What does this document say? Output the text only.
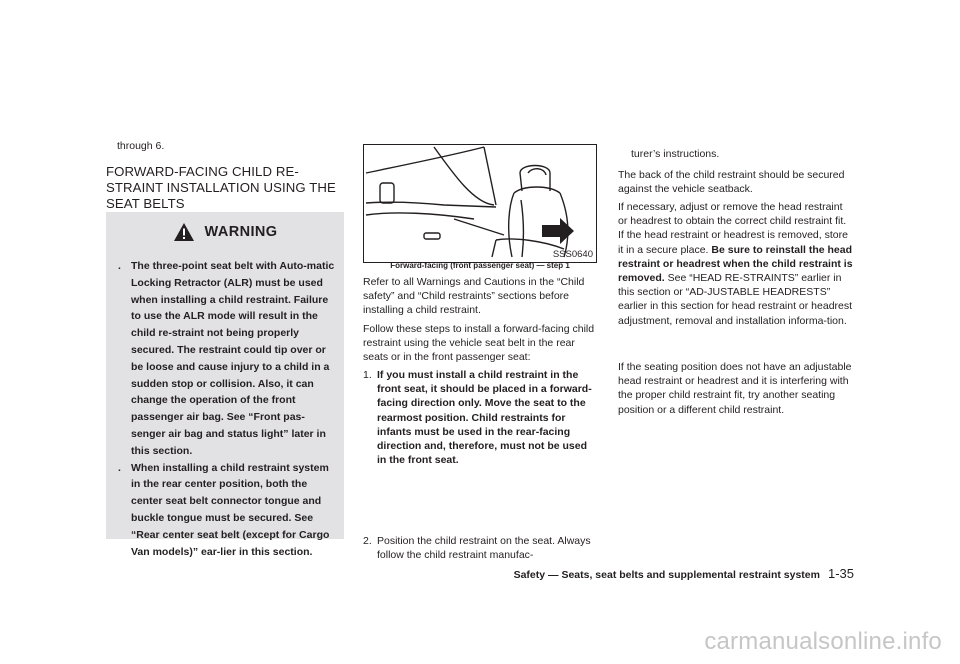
through 6.
FORWARD-FACING CHILD RE-STRAINT INSTALLATION USING THE SEAT BELTS
WARNING
. The three-point seat belt with Auto-matic Locking Retractor (ALR) must be used when installing a child restraint. Failure to use the ALR mode will result in the child re-straint not being properly secured. The restraint could tip over or be loose and cause injury to a child in a sudden stop or collision. Also, it can change the operation of the front passenger air bag. See “Front pas-senger air bag and status light” later in this section.
. When installing a child restraint system in the rear center position, both the center seat belt connector tongue and buckle tongue must be secured. See “Rear center seat belt (except for Cargo Van models)” ear-lier in this section.
SSS0640
Forward-facing (front passenger seat) — step 1
Refer to all Warnings and Cautions in the “Child safety” and “Child restraints” sections before installing a child restraint.
Follow these steps to install a forward-facing child restraint using the vehicle seat belt in the rear seats or in the front passenger seat:
1. If you must install a child restraint in the front seat, it should be placed in a forward-facing direction only. Move the seat to the rearmost position. Child restraints for infants must be used in the rear-facing direction and, therefore, must not be used in the front seat.
2. Position the child restraint on the seat. Always follow the child restraint manufac-
turer’s instructions.
The back of the child restraint should be secured against the vehicle seatback.
If necessary, adjust or remove the head restraint or headrest to obtain the correct child restraint fit. If the head restraint or headrest is removed, store it in a secure place. Be sure to reinstall the head restraint or headrest when the child restraint is removed. See “HEAD RE-STRAINTS” earlier in this section or “AD-JUSTABLE HEADRESTS” earlier in this section for head restraint or headrest adjustment, removal and installation informa-tion.
If the seating position does not have an adjustable head restraint or headrest and it is interfering with the proper child restraint fit, try another seating position or a different child restraint.
Safety — Seats, seat belts and supplemental restraint system 1-35
carmanualsonline.info
